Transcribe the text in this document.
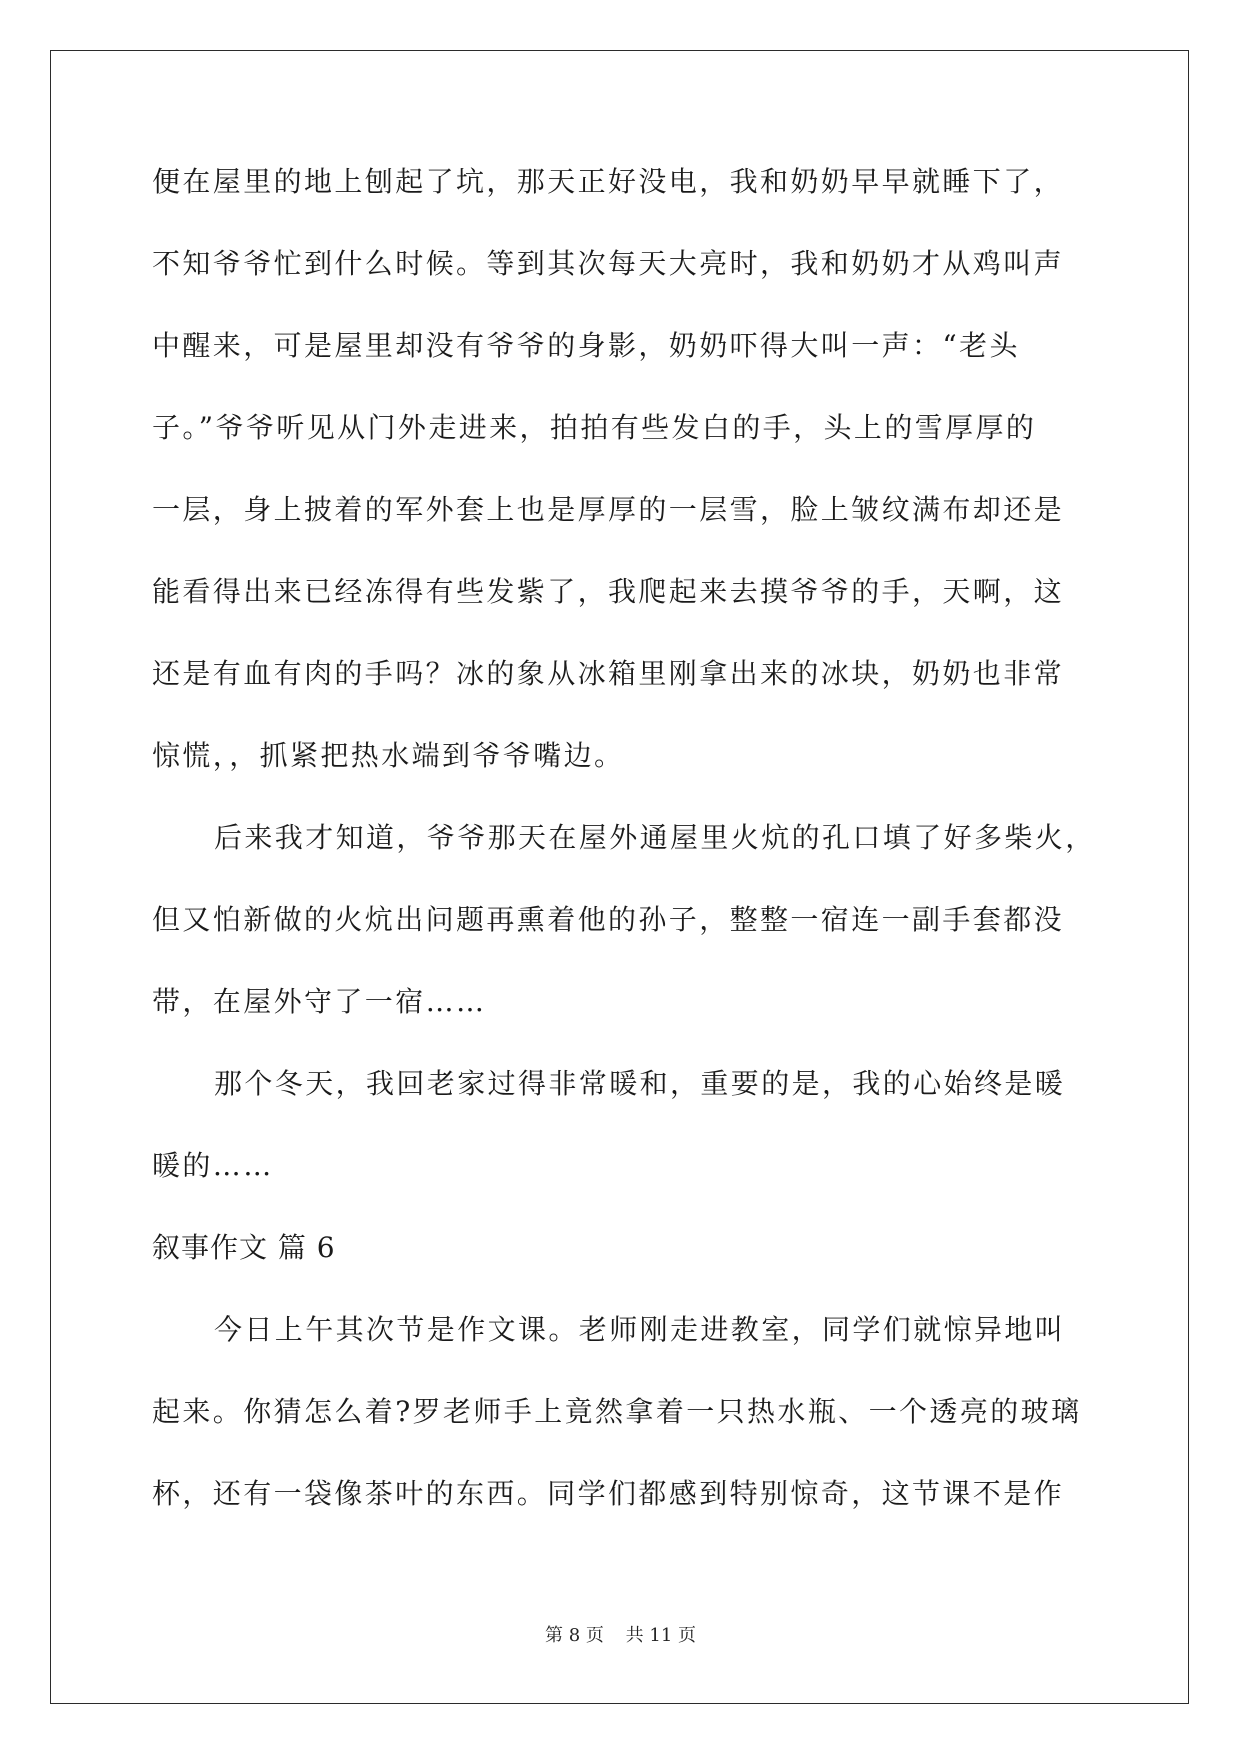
便在屋里的地上刨起了坑，那天正好没电，我和奶奶早早就睡下了，
不知爷爷忙到什么时候。等到其次每天大亮时，我和奶奶才从鸡叫声
中醒来，可是屋里却没有爷爷的身影，奶奶吓得大叫一声：“老头
子。”爷爷听见从门外走进来，拍拍有些发白的手，头上的雪厚厚的
一层，身上披着的军外套上也是厚厚的一层雪，脸上皱纹满布却还是
能看得出来已经冻得有些发紫了，我爬起来去摸爷爷的手，天啊，这
还是有血有肉的手吗？冰的象从冰箱里刚拿出来的冰块，奶奶也非常
惊慌，，抓紧把热水端到爷爷嘴边。
后来我才知道，爷爷那天在屋外通屋里火炕的孔口填了好多柴火，
但又怕新做的火炕出问题再熏着他的孙子，整整一宿连一副手套都没
带，在屋外守了一宿……
那个冬天，我回老家过得非常暖和，重要的是，我的心始终是暖
暖的……
叙事作文 篇 6
今日上午其次节是作文课。老师刚走进教室，同学们就惊异地叫
起来。你猜怎么着?罗老师手上竟然拿着一只热水瓶、一个透亮的玻璃
杯，还有一袋像茶叶的东西。同学们都感到特别惊奇，这节课不是作
第 8 页 共 11 页
